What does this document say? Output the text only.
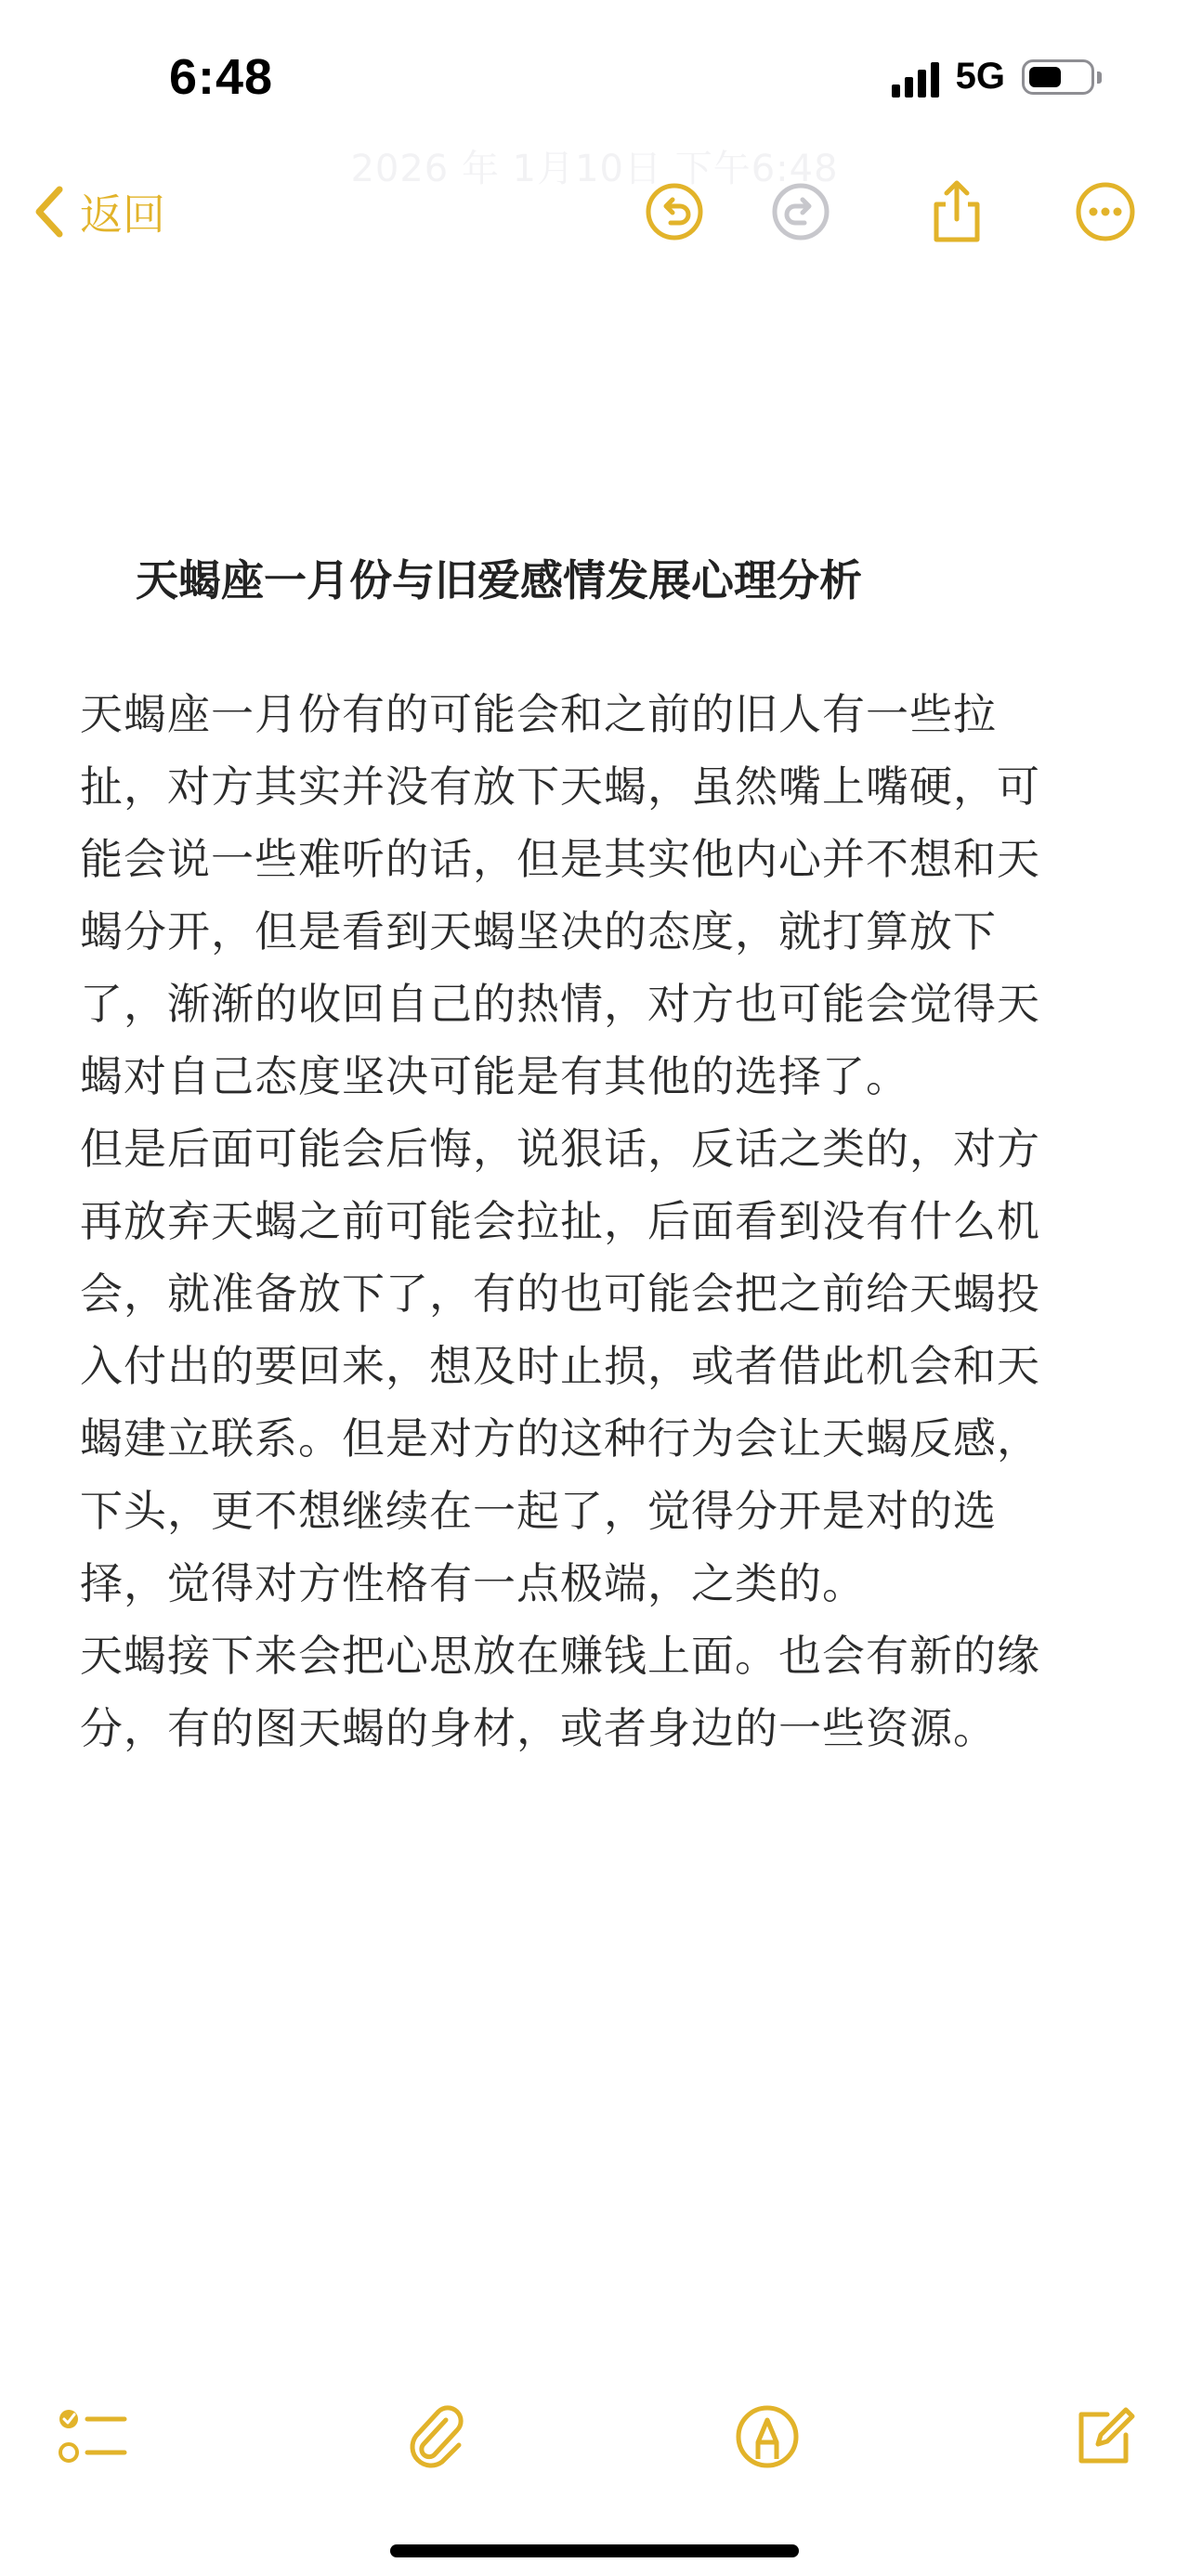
6:48	5G
2026 年 1月10日 下午6:48
返回
天蝎座一月份与旧爱感情发展心理分析

天蝎座一月份有的可能会和之前的旧人有一些拉

扯，对方其实并没有放下天蝎，虽然嘴上嘴硬，可

能会说一些难听的话，但是其实他内心并不想和天

蝎分开，但是看到天蝎坚决的态度，就打算放下

了，渐渐的收回自己的热情，对方也可能会觉得天

蝎对自己态度坚决可能是有其他的选择了。

但是后面可能会后悔，说狠话，反话之类的，对方

再放弃天蝎之前可能会拉扯，后面看到没有什么机

会，就准备放下了，有的也可能会把之前给天蝎投

入付出的要回来，想及时止损，或者借此机会和天

蝎建立联系。但是对方的这种行为会让天蝎反感，

下头，更不想继续在一起了，觉得分开是对的选

择，觉得对方性格有一点极端，之类的。

天蝎接下来会把心思放在赚钱上面。也会有新的缘

分，有的图天蝎的身材，或者身边的一些资源。
